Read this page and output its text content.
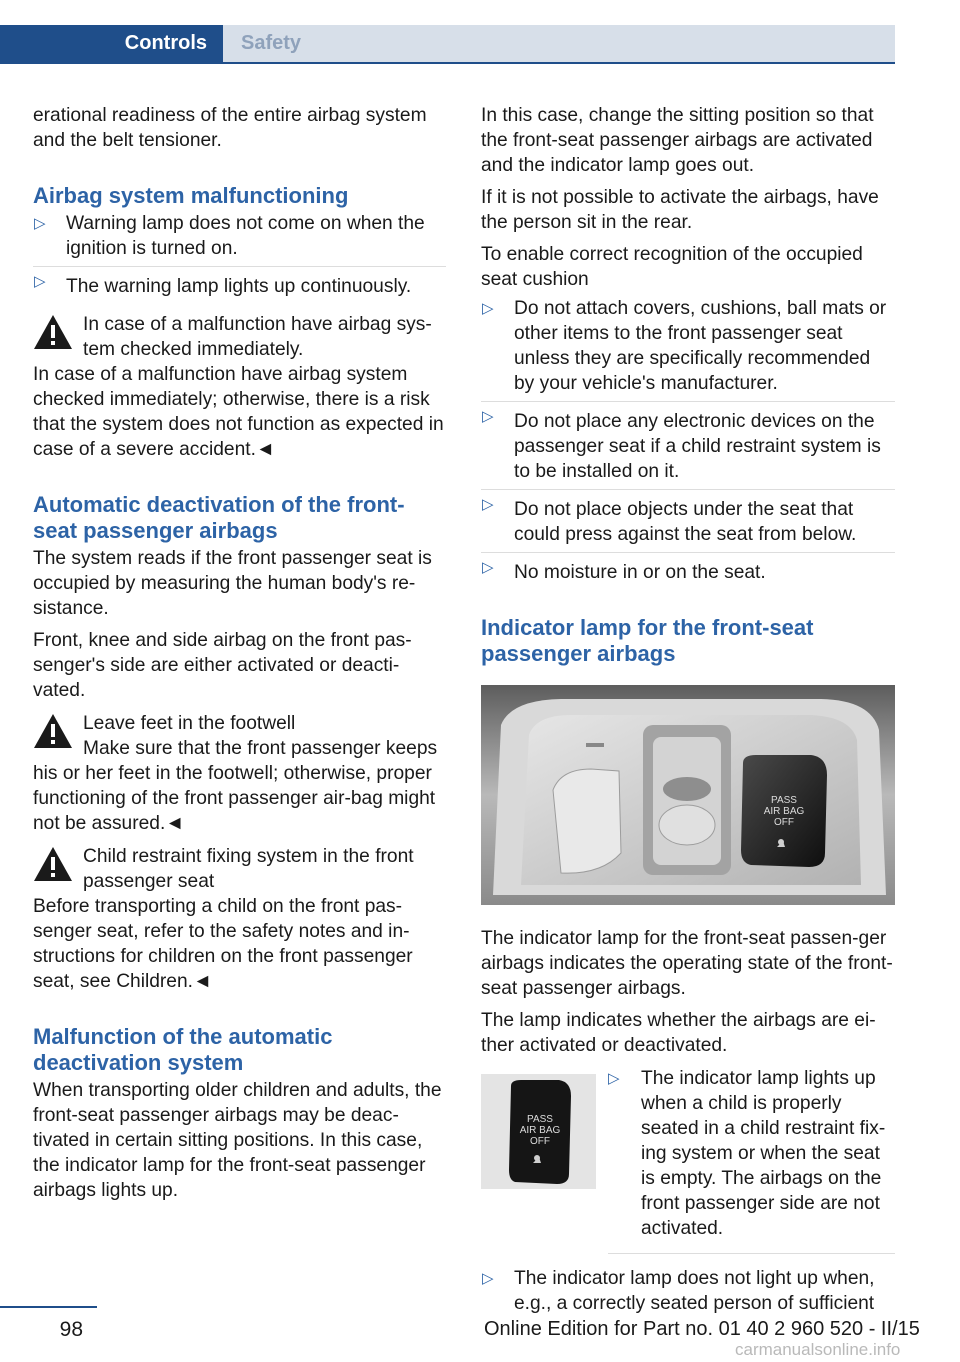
Controls	Safety

erational readiness of the entire airbag system and the belt tensioner.

Airbag system malfunctioning
▷ Warning lamp does not come on when the ignition is turned on.
▷ The warning lamp lights up continuously.
In case of a malfunction have airbag sys-tem checked immediately.

In case of a malfunction have airbag system checked immediately; otherwise, there is a risk that the system does not function as expected in case of a severe accident.◄

Automatic deactivation of the front-seat passenger airbags

The system reads if the front passenger seat is occupied by measuring the human body's re-sistance.

Front, knee and side airbag on the front pas-senger's side are either activated or deacti-vated.

Leave feet in the footwell

Make sure that the front passenger keeps his or her feet in the footwell; otherwise, proper functioning of the front passenger air-bag might not be assured.◄

Child restraint fixing system in the front passenger seat

Before transporting a child on the front pas-senger seat, refer to the safety notes and in-structions for children on the front passenger seat, see Children.◄

Malfunction of the automatic deactivation system

When transporting older children and adults, the front-seat passenger airbags may be deac-tivated in certain sitting positions. In this case, the indicator lamp for the front-seat passenger airbags lights up.

In this case, change the sitting position so that the front-seat passenger airbags are activated and the indicator lamp goes out.

If it is not possible to activate the airbags, have the person sit in the rear.

To enable correct recognition of the occupied seat cushion

▷ Do not attach covers, cushions, ball mats or other items to the front passenger seat unless they are specifically recommended by your vehicle's manufacturer.
▷ Do not place any electronic devices on the passenger seat if a child restraint system is to be installed on it.
▷ Do not place objects under the seat that could press against the seat from below.
▷ No moisture in or on the seat.
Indicator lamp for the front-seat passenger airbags
PASS
AIR BAG
OFF

The indicator lamp for the front-seat passen-ger airbags indicates the operating state of the front-seat passenger airbags.

The lamp indicates whether the airbags are ei-ther activated or deactivated.

PASS
AIR BAG
OFF
▷	The indicator lamp lights up when a child is properly seated in a child restraint fix-ing system or when the seat is empty. The airbags on the front passenger side are not activated.
▷ The indicator lamp does not light up when, e.g., a correctly seated person of sufficient
98	Online Edition for Part no. 01 40 2 960 520 - II/15
carmanualsonline.info
